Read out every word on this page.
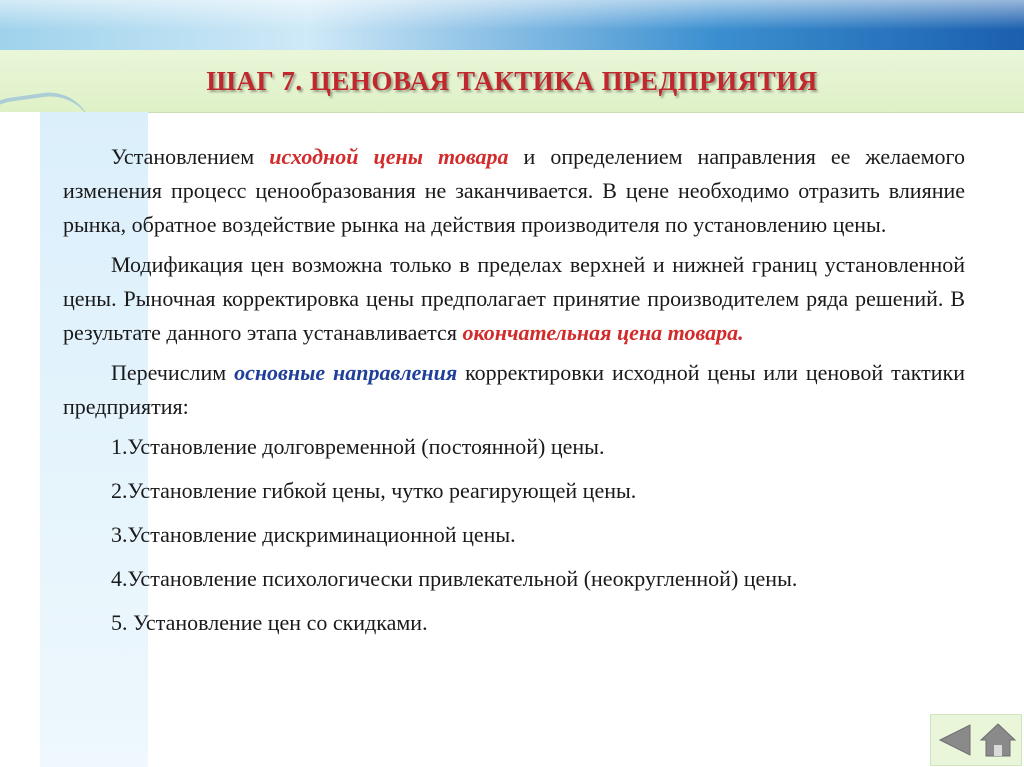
ШАГ 7. ЦЕНОВАЯ ТАКТИКА ПРЕДПРИЯТИЯ

Установлением исходной цены товара и определением направления ее желаемого изменения процесс ценообразования не заканчивается. В цене необходимо отразить влияние рынка, обратное воздействие рынка на действия производителя по установлению цены.

Модификация цен возможна только в пределах верхней и нижней границ установленной цены. Рыночная корректировка цены предполагает принятие производителем ряда решений. В результате данного этапа устанавливается окончательная цена товара.

Перечислим основные направления корректировки исходной цены или ценовой тактики предприятия:

1.Установление долговременной (постоянной) цены.
2.Установление гибкой цены, чутко реагирующей цены.
3.Установление дискриминационной цены.
4.Установление психологически привлекательной (неокругленной) цены.
5. Установление цен со скидками.
